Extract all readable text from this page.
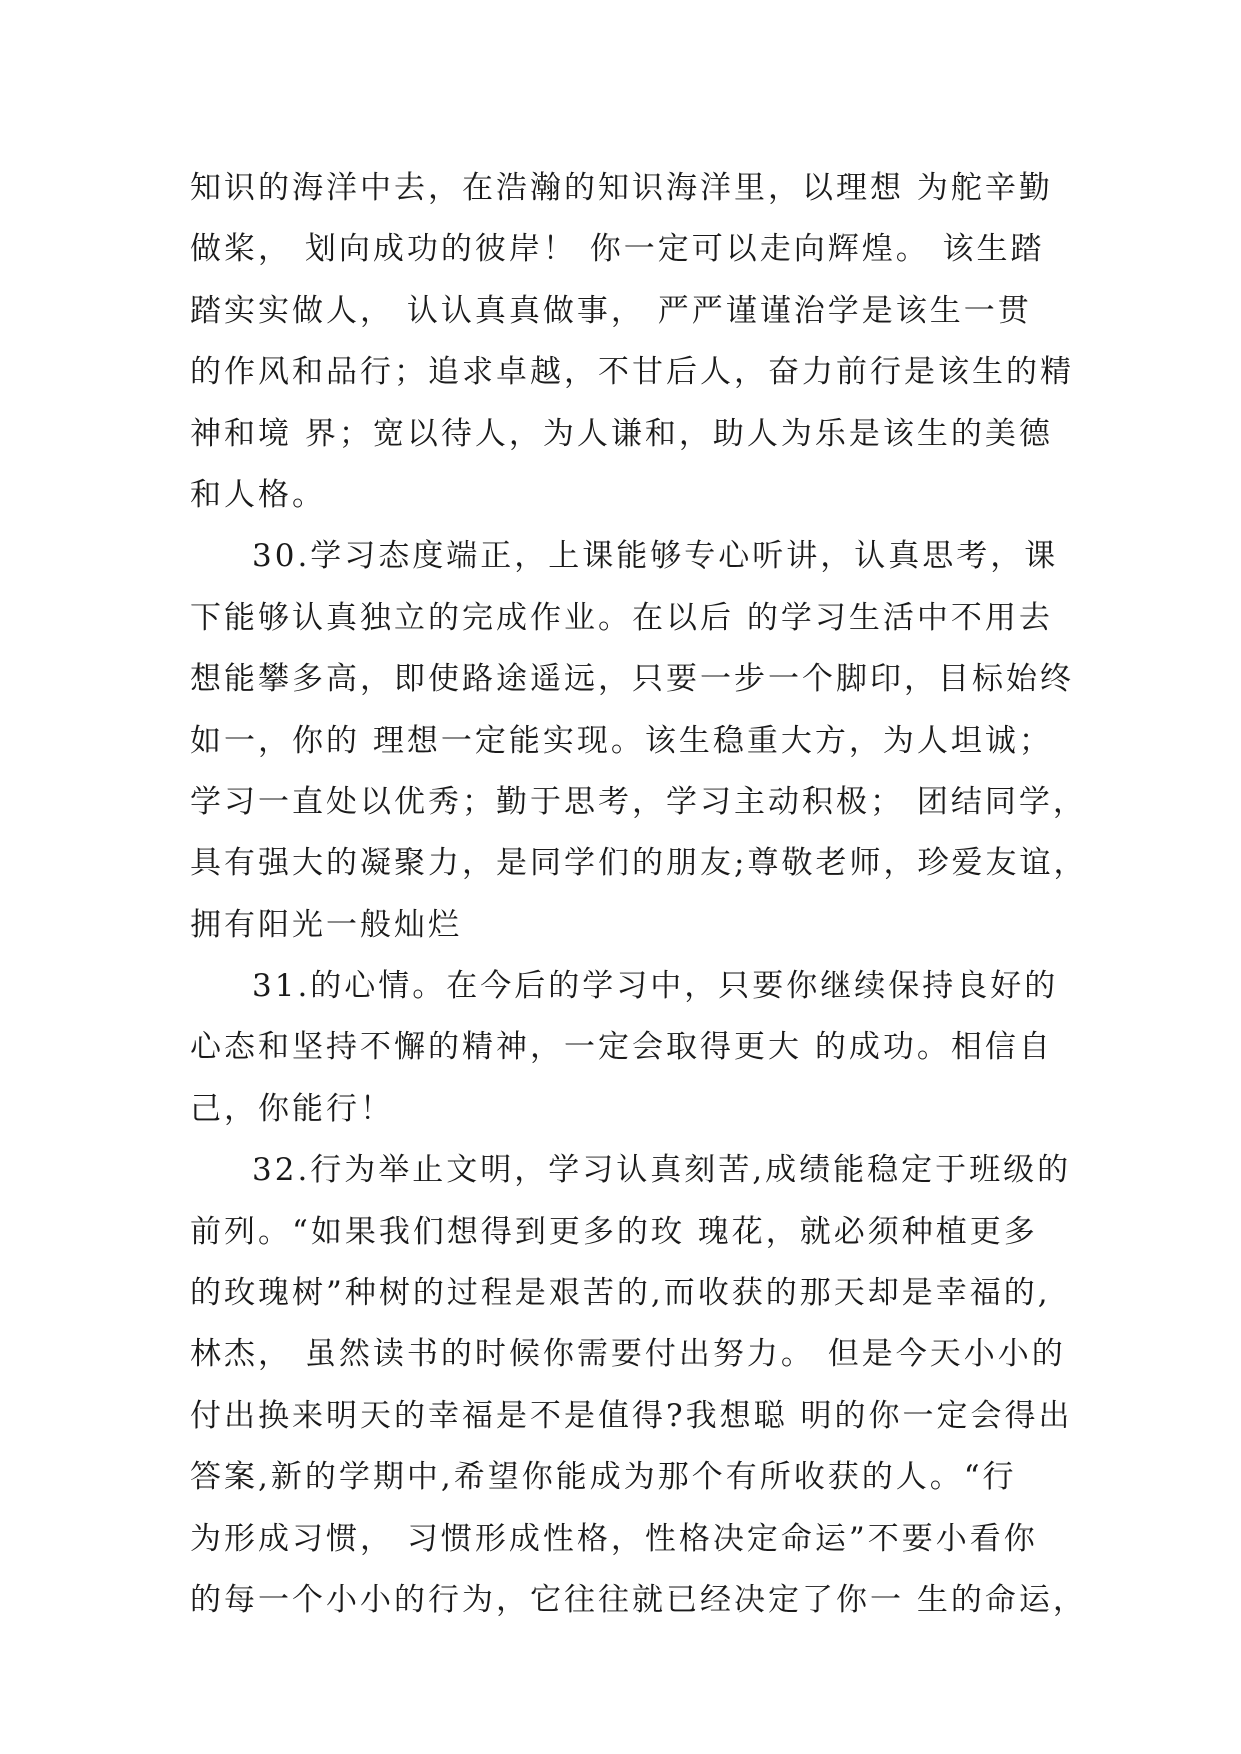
知识的海洋中去，在浩瀚的知识海洋里，以理想 为舵辛勤
做桨， 划向成功的彼岸！ 你一定可以走向辉煌。 该生踏
踏实实做人， 认认真真做事， 严严谨谨治学是该生一贯
的作风和品行；追求卓越，不甘后人，奋力前行是该生的精
神和境 界；宽以待人，为人谦和，助人为乐是该生的美德
和人格。
30.学习态度端正，上课能够专心听讲，认真思考，课
下能够认真独立的完成作业。在以后 的学习生活中不用去
想能攀多高，即使路途遥远，只要一步一个脚印，目标始终
如一，你的 理想一定能实现。该生稳重大方，为人坦诚；
学习一直处以优秀；勤于思考，学习主动积极； 团结同学，
具有强大的凝聚力，是同学们的朋友;尊敬老师，珍爱友谊，
拥有阳光一般灿烂
31.的心情。在今后的学习中，只要你继续保持良好的
心态和坚持不懈的精神，一定会取得更大 的成功。相信自
己，你能行！
32.行为举止文明，学习认真刻苦,成绩能稳定于班级的
前列。“如果我们想得到更多的玫 瑰花，就必须种植更多
的玫瑰树”种树的过程是艰苦的,而收获的那天却是幸福的,
林杰， 虽然读书的时候你需要付出努力。 但是今天小小的
付出换来明天的幸福是不是值得?我想聪 明的你一定会得出
答案,新的学期中,希望你能成为那个有所收获的人。“行
为形成习惯， 习惯形成性格，性格决定命运”不要小看你
的每一个小小的行为，它往往就已经决定了你一 生的命运，
